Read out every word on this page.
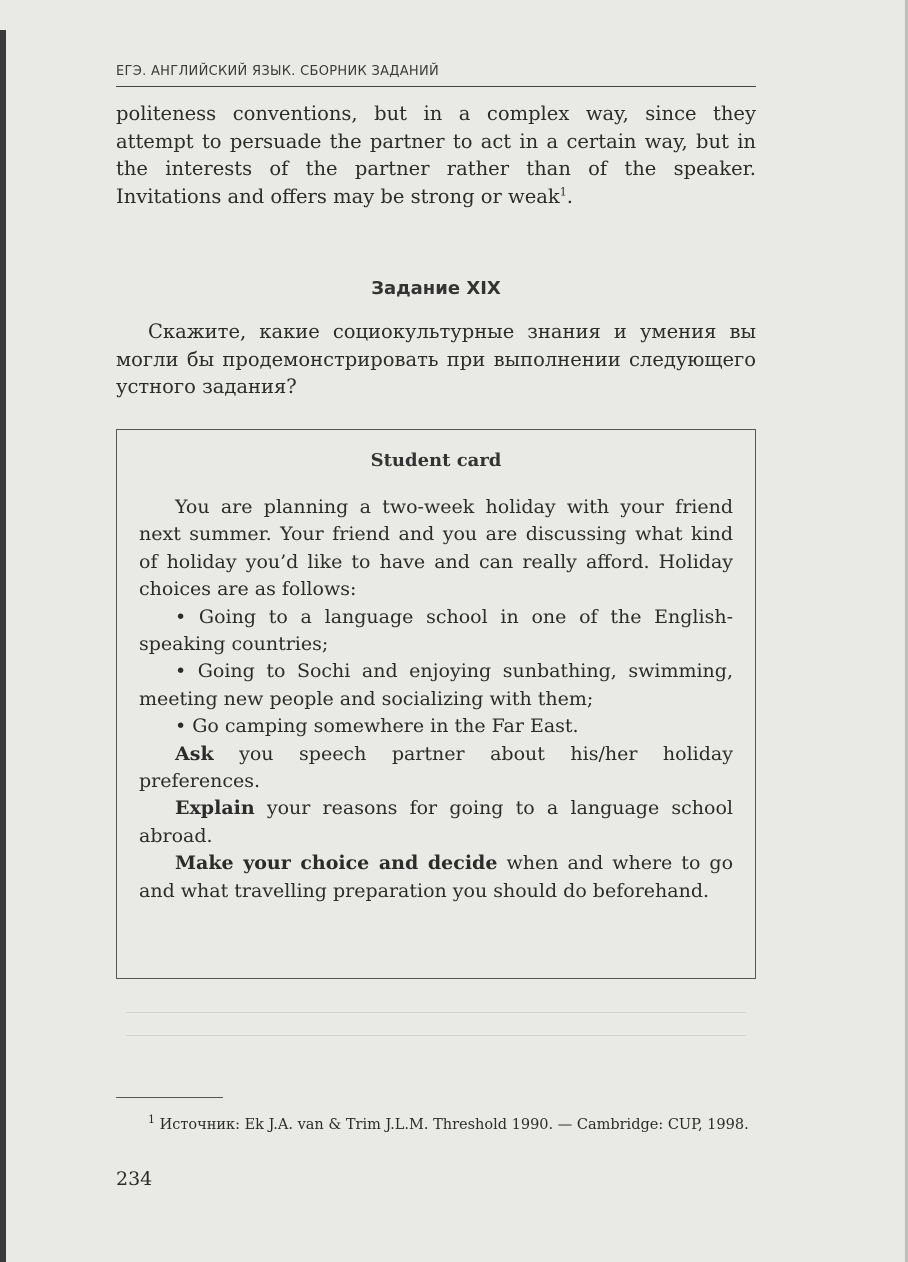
ЕГЭ. АНГЛИЙСКИЙ ЯЗЫК. СБОРНИК ЗАДАНИЙ

politeness conventions, but in a complex way, since they attempt to persuade the partner to act in a certain way, but in the interests of the partner rather than of the speaker. Invitations and offers may be strong or weak$^1$.

Задание XIX

Скажите, какие социокультурные знания и умения вы могли бы продемонстрировать при выполнении следующего устного задания?

Student card

You are planning a two-week holiday with your friend next summer. Your friend and you are discussing what kind of holiday you’d like to have and can really afford. Holiday choices are as follows:

• Going to a language school in one of the English-speaking countries;

• Going to Sochi and enjoying sunbathing, swimming, meeting new people and socializing with them;

• Go camping somewhere in the Far East.

Ask you speech partner about his/her holiday preferences.

Explain your reasons for going to a language school abroad.

Make your choice and decide when and where to go and what travelling preparation you should do beforehand.

$^1$ Источник: Ek J.A. van & Trim J.L.M. Threshold 1990. — Cambridge: CUP, 1998.

234
